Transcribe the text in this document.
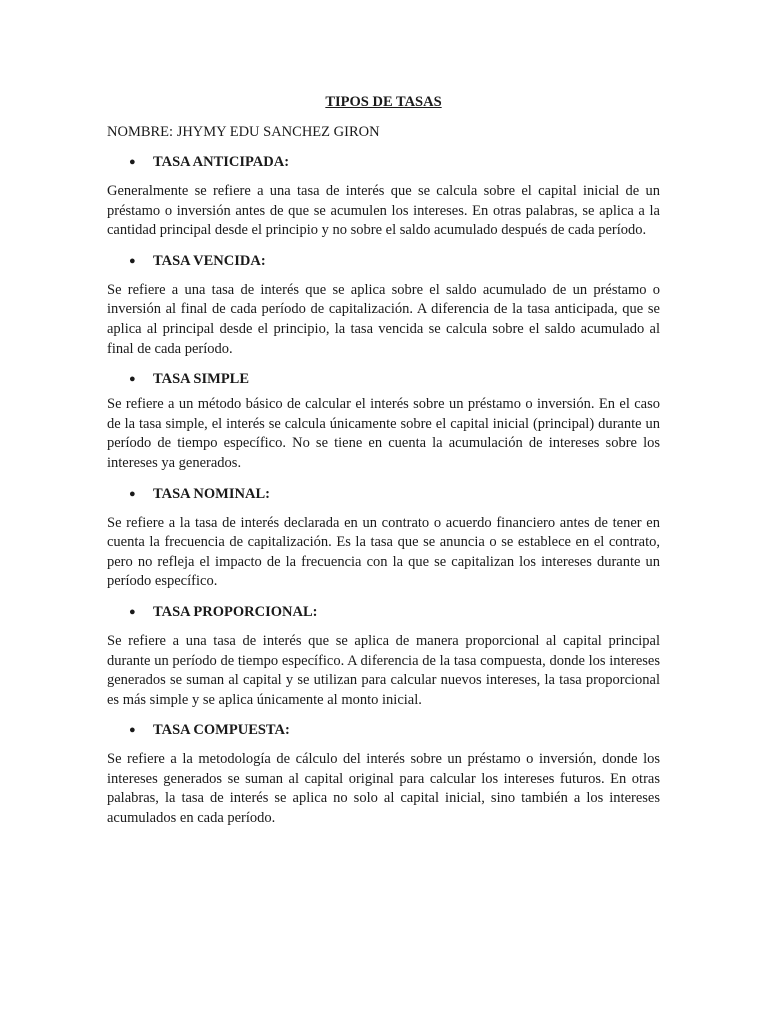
TIPOS DE TASAS
NOMBRE: JHYMY EDU SANCHEZ GIRON
●	TASA ANTICIPADA:

Generalmente se refiere a una tasa de interés que se calcula sobre el capital inicial de un préstamo o inversión antes de que se acumulen los intereses. En otras palabras, se aplica a la cantidad principal desde el principio y no sobre el saldo acumulado después de cada período.

●	TASA VENCIDA:

Se refiere a una tasa de interés que se aplica sobre el saldo acumulado de un préstamo o inversión al final de cada período de capitalización. A diferencia de la tasa anticipada, que se aplica al principal desde el principio, la tasa vencida se calcula sobre el saldo acumulado al final de cada período.

●	TASA SIMPLE

Se refiere a un método básico de calcular el interés sobre un préstamo o inversión. En el caso de la tasa simple, el interés se calcula únicamente sobre el capital inicial (principal) durante un período de tiempo específico. No se tiene en cuenta la acumulación de intereses sobre los intereses ya generados.

●	TASA NOMINAL:

Se refiere a la tasa de interés declarada en un contrato o acuerdo financiero antes de tener en cuenta la frecuencia de capitalización. Es la tasa que se anuncia o se establece en el contrato, pero no refleja el impacto de la frecuencia con la que se capitalizan los intereses durante un período específico.

●	TASA PROPORCIONAL:

Se refiere a una tasa de interés que se aplica de manera proporcional al capital principal durante un período de tiempo específico. A diferencia de la tasa compuesta, donde los intereses generados se suman al capital y se utilizan para calcular nuevos intereses, la tasa proporcional es más simple y se aplica únicamente al monto inicial.

●	TASA COMPUESTA:

Se refiere a la metodología de cálculo del interés sobre un préstamo o inversión, donde los intereses generados se suman al capital original para calcular los intereses futuros. En otras palabras, la tasa de interés se aplica no solo al capital inicial, sino también a los intereses acumulados en cada período.
